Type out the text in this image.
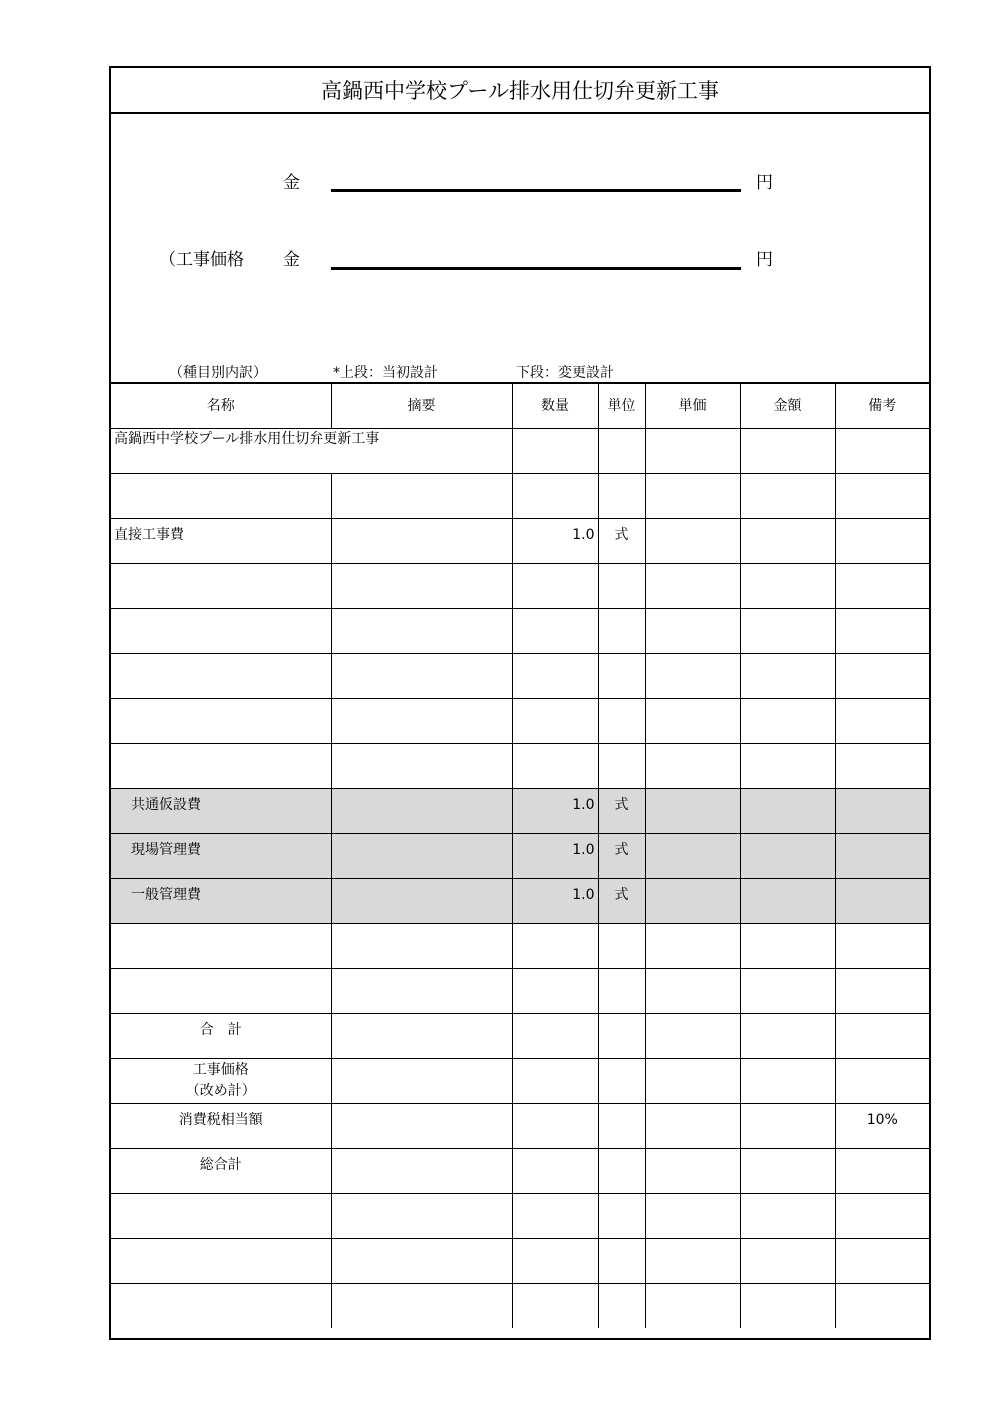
高鍋西中学校プール排水用仕切弁更新工事
金	円
（工事価格 金	円
（種目別内訳）	*上段：当初設計	下段：変更設計
名称	摘要	数量	単位	単価	金額	備考
高鍋西中学校プール排水用仕切弁更新工事						

直接工事費		1.0	式			

共通仮設費		1.0	式			
現場管理費		1.0	式			
一般管理費		1.0	式			

合　計						

工事価格
（改め計）						

消費税相当額						10%
総合計						
